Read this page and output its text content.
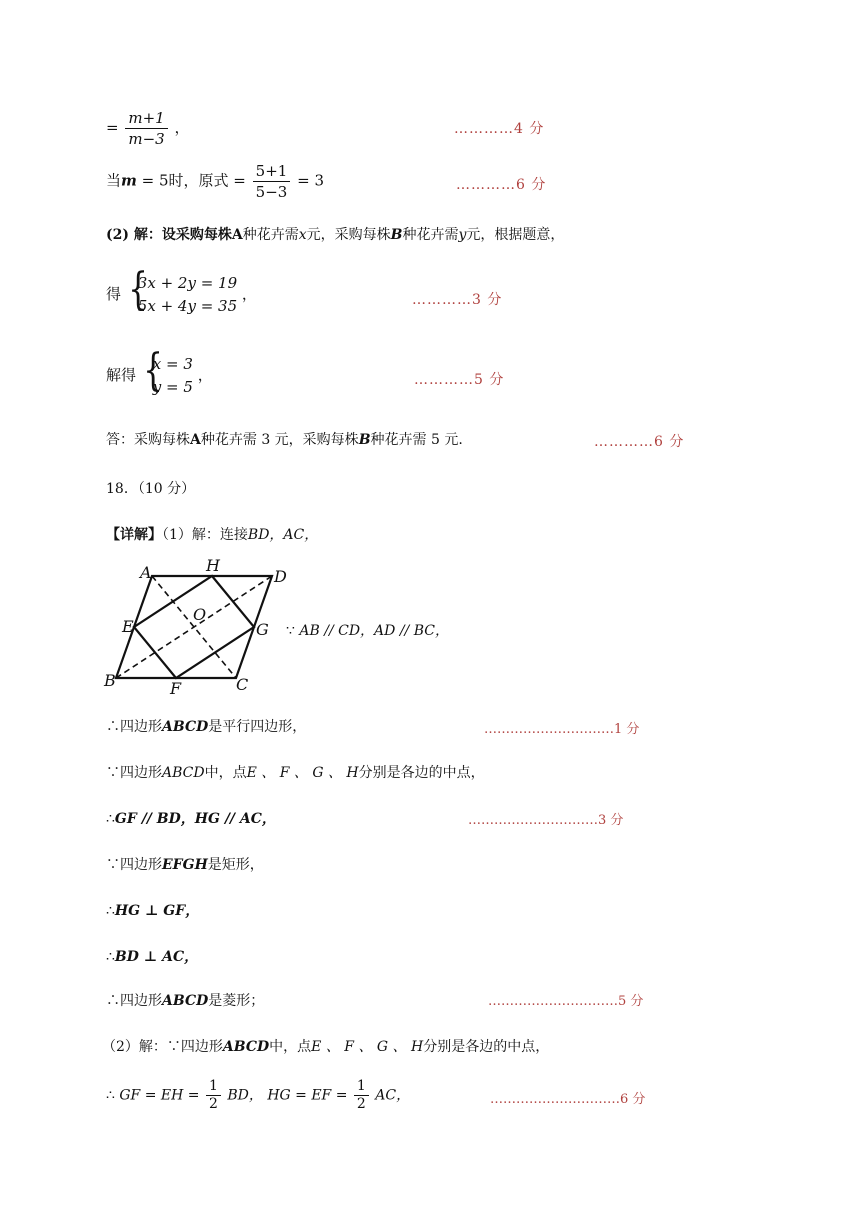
= $\frac{m+1}{m-3}$ ，	…………4 分
当m = 5时，原式 = $\frac{5+1}{5-3} = 3$	…………6 分
(2) 解：设采购每株A种花卉需x元，采购每株B种花卉需y元，根据题意，
得 {
3x + 2y = 19
5x + 4y = 35
，	…………3 分
解得 {
x = 3
y = 5
，	…………5 分
答：采购每株A种花卉需 3 元，采购每株B种花卉需 5 元.	…………6 分
18．（10 分）
【详解】（1）解：连接BD，AC，
A	H
D
E
O
G
B	F	C
∵ AB // CD，AD // BC，
∴四边形ABCD是平行四边形，	…………………………1 分
∵四边形ABCD中，点E 、 F 、 G 、 H分别是各边的中点，
∴GF // BD，HG // AC，	…………………………3 分
∵四边形EFGH是矩形，
∴HG ⊥ GF，
∴BD ⊥ AC，
∴四边形ABCD是菱形；	…………………………5 分
（2）解：∵四边形ABCD中，点E 、 F 、 G 、 H分别是各边的中点，
∴ GF = EH = $\frac{1}{2}$ BD， HG = EF = $\frac{1}{2}$ AC，	…………………………6 分
